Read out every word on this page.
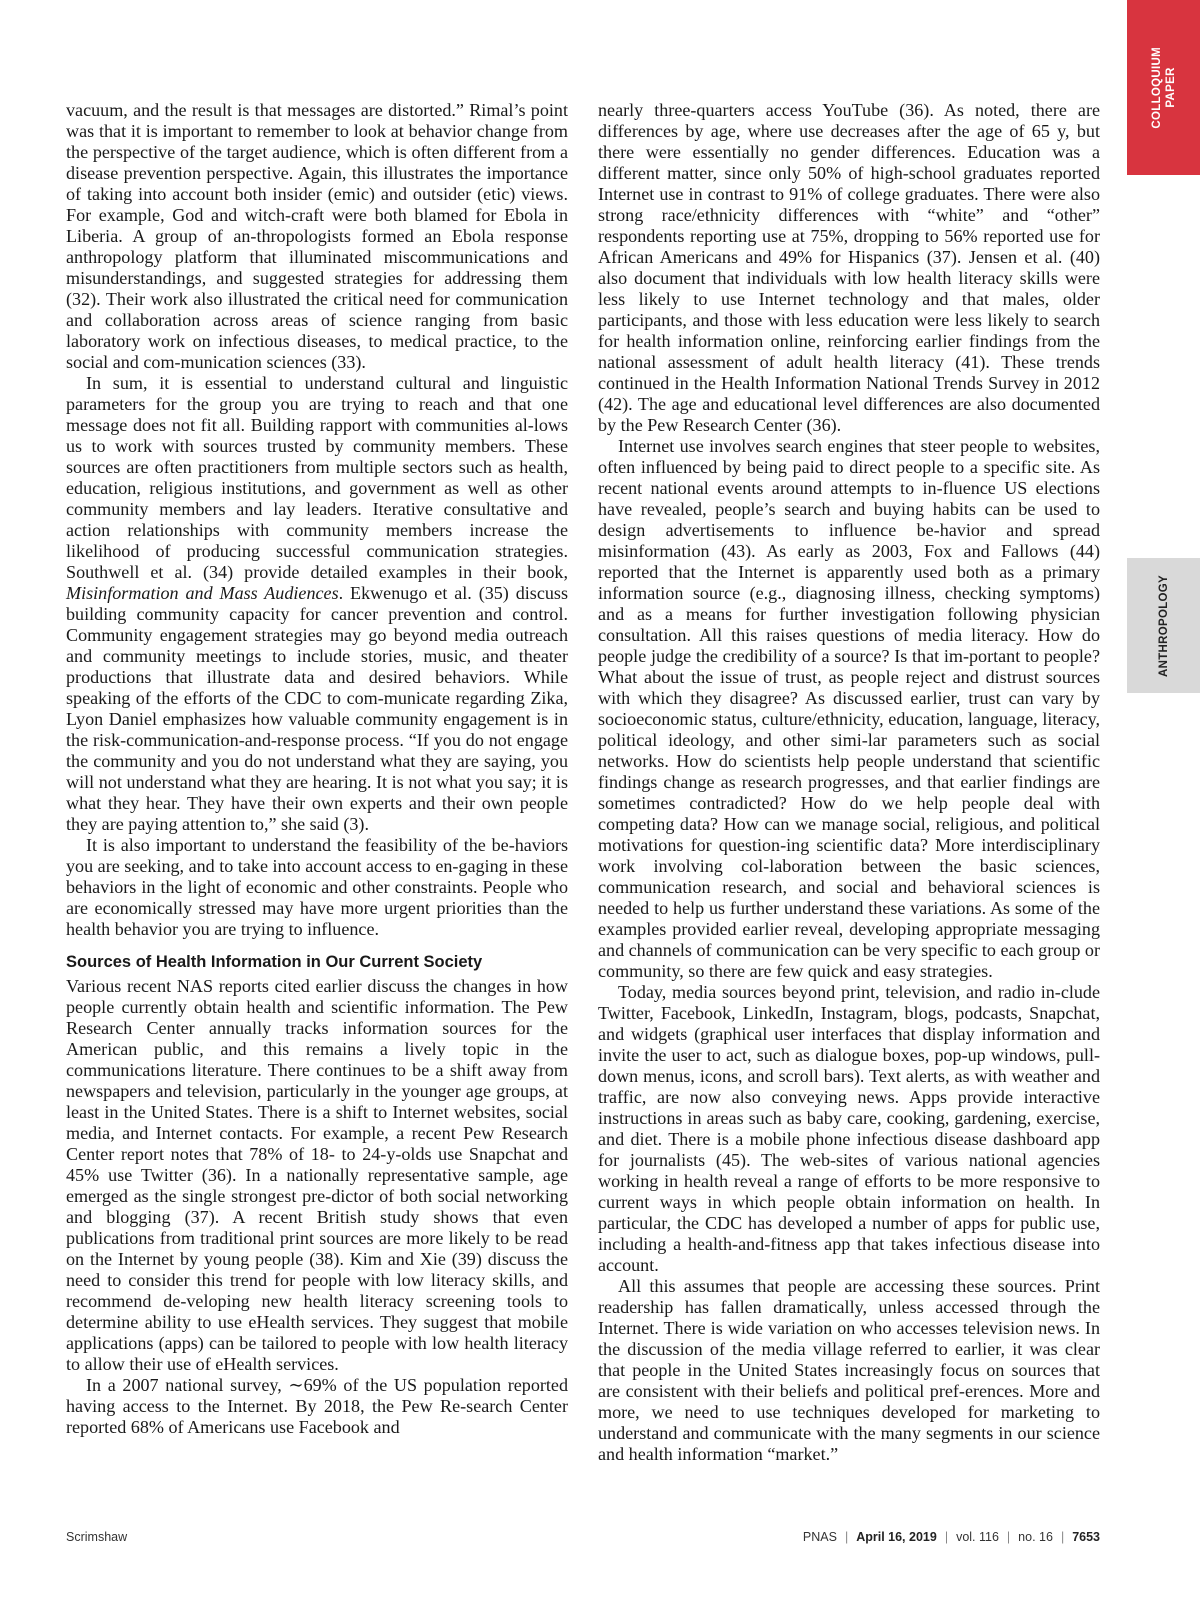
COLLOQUIUM PAPER
ANTHROPOLOGY

vacuum, and the result is that messages are distorted.” Rimal’s point was that it is important to remember to look at behavior change from the perspective of the target audience, which is often different from a disease prevention perspective. Again, this illustrates the importance of taking into account both insider (emic) and outsider (etic) views. For example, God and witch-craft were both blamed for Ebola in Liberia. A group of an-thropologists formed an Ebola response anthropology platform that illuminated miscommunications and misunderstandings, and suggested strategies for addressing them (32). Their work also illustrated the critical need for communication and collaboration across areas of science ranging from basic laboratory work on infectious diseases, to medical practice, to the social and com-munication sciences (33).

In sum, it is essential to understand cultural and linguistic parameters for the group you are trying to reach and that one message does not fit all. Building rapport with communities al-lows us to work with sources trusted by community members. These sources are often practitioners from multiple sectors such as health, education, religious institutions, and government as well as other community members and lay leaders. Iterative consultative and action relationships with community members increase the likelihood of producing successful communication strategies. Southwell et al. (34) provide detailed examples in their book, Misinformation and Mass Audiences. Ekwenugo et al. (35) discuss building community capacity for cancer prevention and control. Community engagement strategies may go beyond media outreach and community meetings to include stories, music, and theater productions that illustrate data and desired behaviors. While speaking of the efforts of the CDC to com-municate regarding Zika, Lyon Daniel emphasizes how valuable community engagement is in the risk-communication-and-response process. “If you do not engage the community and you do not understand what they are saying, you will not understand what they are hearing. It is not what you say; it is what they hear. They have their own experts and their own people they are paying attention to,” she said (3).

It is also important to understand the feasibility of the be-haviors you are seeking, and to take into account access to en-gaging in these behaviors in the light of economic and other constraints. People who are economically stressed may have more urgent priorities than the health behavior you are trying to influence.

Sources of Health Information in Our Current Society

Various recent NAS reports cited earlier discuss the changes in how people currently obtain health and scientific information. The Pew Research Center annually tracks information sources for the American public, and this remains a lively topic in the communications literature. There continues to be a shift away from newspapers and television, particularly in the younger age groups, at least in the United States. There is a shift to Internet websites, social media, and Internet contacts. For example, a recent Pew Research Center report notes that 78% of 18- to 24-y-olds use Snapchat and 45% use Twitter (36). In a nationally representative sample, age emerged as the single strongest pre-dictor of both social networking and blogging (37). A recent British study shows that even publications from traditional print sources are more likely to be read on the Internet by young people (38). Kim and Xie (39) discuss the need to consider this trend for people with low literacy skills, and recommend de-veloping new health literacy screening tools to determine ability to use eHealth services. They suggest that mobile applications (apps) can be tailored to people with low health literacy to allow their use of eHealth services.

In a 2007 national survey, ∼69% of the US population reported having access to the Internet. By 2018, the Pew Re-search Center reported 68% of Americans use Facebook and

nearly three-quarters access YouTube (36). As noted, there are differences by age, where use decreases after the age of 65 y, but there were essentially no gender differences. Education was a different matter, since only 50% of high-school graduates reported Internet use in contrast to 91% of college graduates. There were also strong race/ethnicity differences with “white” and “other” respondents reporting use at 75%, dropping to 56% reported use for African Americans and 49% for Hispanics (37). Jensen et al. (40) also document that individuals with low health literacy skills were less likely to use Internet technology and that males, older participants, and those with less education were less likely to search for health information online, reinforcing earlier findings from the national assessment of adult health literacy (41). These trends continued in the Health Information National Trends Survey in 2012 (42). The age and educational level differences are also documented by the Pew Research Center (36).

Internet use involves search engines that steer people to websites, often influenced by being paid to direct people to a specific site. As recent national events around attempts to in-fluence US elections have revealed, people’s search and buying habits can be used to design advertisements to influence be-havior and spread misinformation (43). As early as 2003, Fox and Fallows (44) reported that the Internet is apparently used both as a primary information source (e.g., diagnosing illness, checking symptoms) and as a means for further investigation following physician consultation. All this raises questions of media literacy. How do people judge the credibility of a source? Is that im-portant to people? What about the issue of trust, as people reject and distrust sources with which they disagree? As discussed earlier, trust can vary by socioeconomic status, culture/ethnicity, education, language, literacy, political ideology, and other simi-lar parameters such as social networks. How do scientists help people understand that scientific findings change as research progresses, and that earlier findings are sometimes contradicted? How do we help people deal with competing data? How can we manage social, religious, and political motivations for question-ing scientific data? More interdisciplinary work involving col-laboration between the basic sciences, communication research, and social and behavioral sciences is needed to help us further understand these variations. As some of the examples provided earlier reveal, developing appropriate messaging and channels of communication can be very specific to each group or community, so there are few quick and easy strategies.

Today, media sources beyond print, television, and radio in-clude Twitter, Facebook, LinkedIn, Instagram, blogs, podcasts, Snapchat, and widgets (graphical user interfaces that display information and invite the user to act, such as dialogue boxes, pop-up windows, pull-down menus, icons, and scroll bars). Text alerts, as with weather and traffic, are now also conveying news. Apps provide interactive instructions in areas such as baby care, cooking, gardening, exercise, and diet. There is a mobile phone infectious disease dashboard app for journalists (45). The web-sites of various national agencies working in health reveal a range of efforts to be more responsive to current ways in which people obtain information on health. In particular, the CDC has developed a number of apps for public use, including a health-and-fitness app that takes infectious disease into account.

All this assumes that people are accessing these sources. Print readership has fallen dramatically, unless accessed through the Internet. There is wide variation on who accesses television news. In the discussion of the media village referred to earlier, it was clear that people in the United States increasingly focus on sources that are consistent with their beliefs and political pref-erences. More and more, we need to use techniques developed for marketing to understand and communicate with the many segments in our science and health information “market.”

Scrimshaw	PNAS | April 16, 2019 | vol. 116 | no. 16 | 7653
